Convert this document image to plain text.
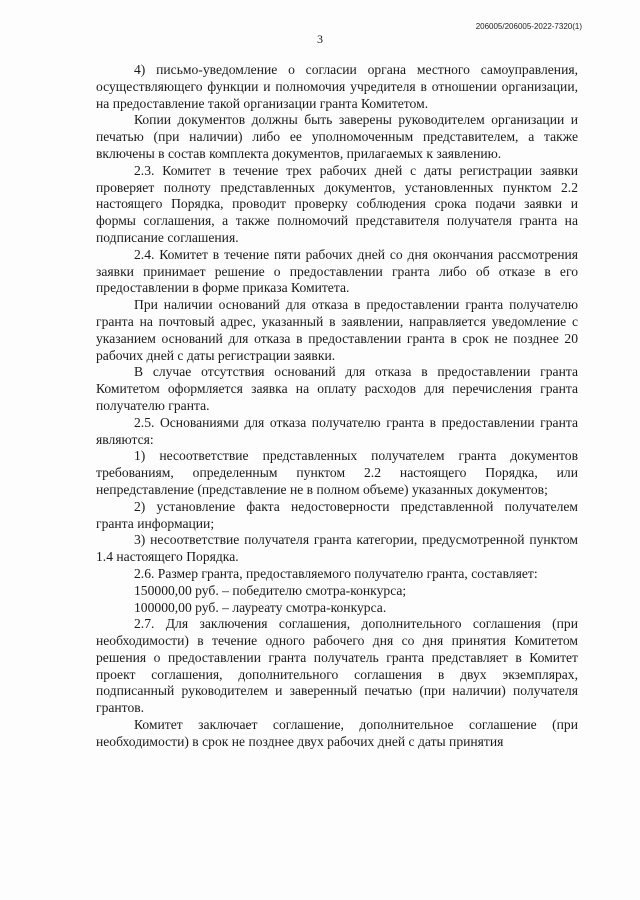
206005/206005-2022-7320(1)
3

4) письмо-уведомление о согласии органа местного самоуправления, осуществляющего функции и полномочия учредителя в отношении организации, на предоставление такой организации гранта Комитетом.

Копии документов должны быть заверены руководителем организации и печатью (при наличии) либо ее уполномоченным представителем, а также включены в состав комплекта документов, прилагаемых к заявлению.

2.3. Комитет в течение трех рабочих дней с даты регистрации заявки проверяет полноту представленных документов, установленных пунктом 2.2 настоящего Порядка, проводит проверку соблюдения срока подачи заявки и формы соглашения, а также полномочий представителя получателя гранта на подписание соглашения.

2.4. Комитет в течение пяти рабочих дней со дня окончания рассмотрения заявки принимает решение о предоставлении гранта либо об отказе в его предоставлении в форме приказа Комитета.

При наличии оснований для отказа в предоставлении гранта получателю гранта на почтовый адрес, указанный в заявлении, направляется уведомление с указанием оснований для отказа в предоставлении гранта в срок не позднее 20 рабочих дней с даты регистрации заявки.

В случае отсутствия оснований для отказа в предоставлении гранта Комитетом оформляется заявка на оплату расходов для перечисления гранта получателю гранта.

2.5. Основаниями для отказа получателю гранта в предоставлении гранта являются:

1) несоответствие представленных получателем гранта документов требованиям, определенным пунктом 2.2 настоящего Порядка, или непредставление (представление не в полном объеме) указанных документов;

2) установление факта недостоверности представленной получателем гранта информации;

3) несоответствие получателя гранта категории, предусмотренной пунктом 1.4 настоящего Порядка.

2.6. Размер гранта, предоставляемого получателю гранта, составляет:

150000,00 руб. – победителю смотра-конкурса;

100000,00 руб. – лауреату смотра-конкурса.

2.7. Для заключения соглашения, дополнительного соглашения (при необходимости) в течение одного рабочего дня со дня принятия Комитетом решения о предоставлении гранта получатель гранта представляет в Комитет проект соглашения, дополнительного соглашения в двух экземплярах, подписанный руководителем и заверенный печатью (при наличии) получателя грантов.

Комитет заключает соглашение, дополнительное соглашение (при необходимости) в срок не позднее двух рабочих дней с даты принятия
